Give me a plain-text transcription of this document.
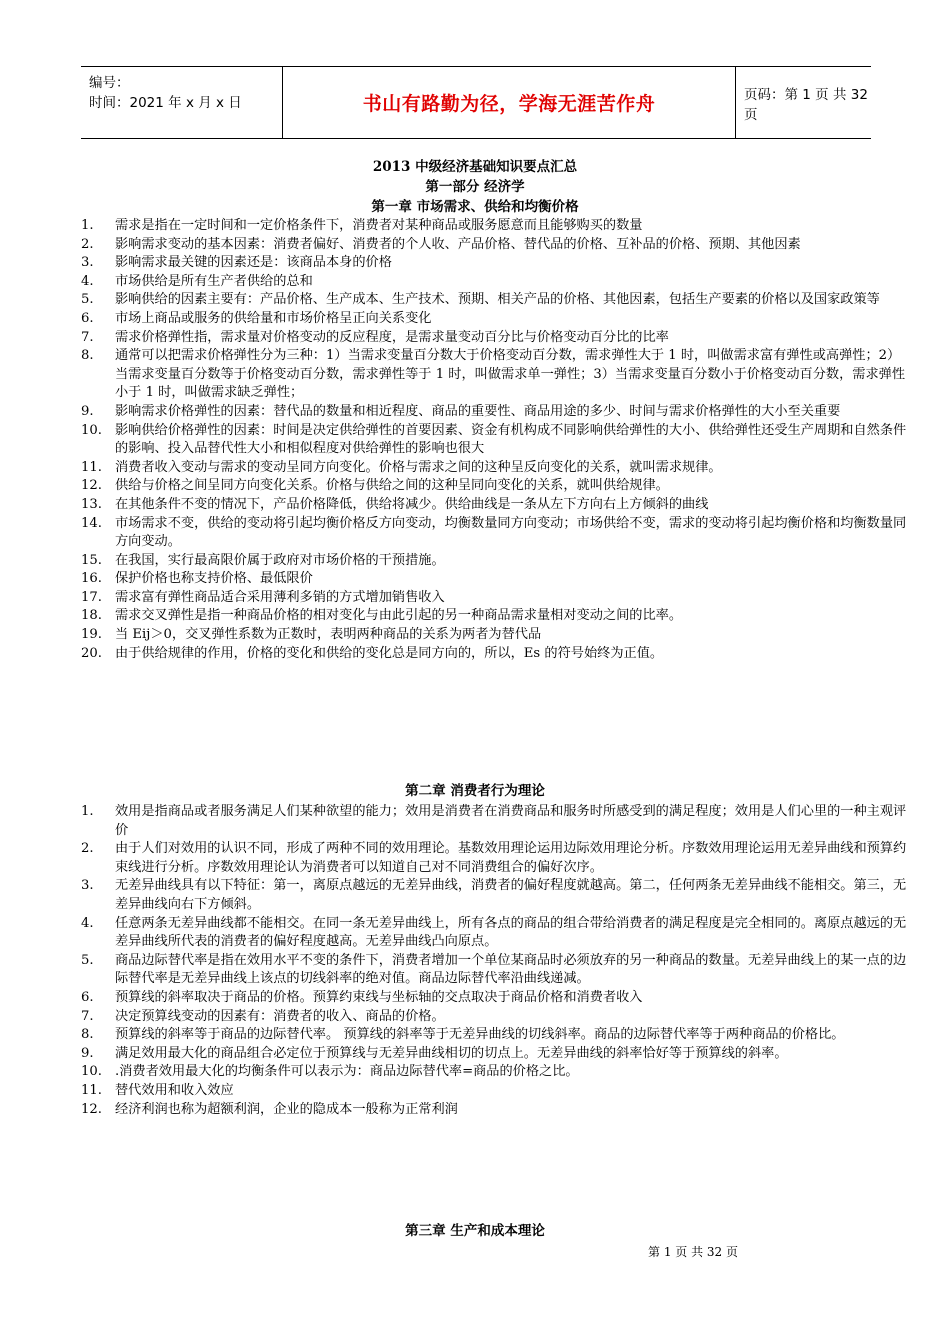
编号：
时间：2021 年 x 月 x 日	书山有路勤为径，学海无涯苦作舟	页码：第 1 页 共 32 页
2013 中级经济基础知识要点汇总
第一部分 经济学
第一章 市场需求、供给和均衡价格
1.	需求是指在一定时间和一定价格条件下，消费者对某种商品或服务愿意而且能够购买的数量
2.	影响需求变动的基本因素：消费者偏好、消费者的个人收、产品价格、替代品的价格、互补品的价格、预期、其他因素
3.	影响需求最关键的因素还是：该商品本身的价格
4.	市场供给是所有生产者供给的总和
5.	影响供给的因素主要有：产品价格、生产成本、生产技术、预期、相关产品的价格、其他因素，包括生产要素的价格以及国家政策等
6.	市场上商品或服务的供给量和市场价格呈正向关系变化
7.	需求价格弹性指，需求量对价格变动的反应程度，是需求量变动百分比与价格变动百分比的比率
8.	通常可以把需求价格弹性分为三种：1）当需求变量百分数大于价格变动百分数，需求弹性大于 1 时，叫做需求富有弹性或高弹性；2）当需求变量百分数等于价格变动百分数，需求弹性等于 1 时，叫做需求单一弹性；3）当需求变量百分数小于价格变动百分数，需求弹性小于 1 时，叫做需求缺乏弹性；
9.	影响需求价格弹性的因素：替代品的数量和相近程度、商品的重要性、商品用途的多少、时间与需求价格弹性的大小至关重要
10. 影响供给价格弹性的因素：时间是决定供给弹性的首要因素、资金有机构成不同影响供给弹性的大小、供给弹性还受生产周期和自然条件的影响、投入品替代性大小和相似程度对供给弹性的影响也很大
11. 消费者收入变动与需求的变动呈同方向变化。价格与需求之间的这种呈反向变化的关系，就叫需求规律。
12. 供给与价格之间呈同方向变化关系。价格与供给之间的这种呈同向变化的关系，就叫供给规律。
13. 在其他条件不变的情况下，产品价格降低，供给将减少。供给曲线是一条从左下方向右上方倾斜的曲线
14. 市场需求不变，供给的变动将引起均衡价格反方向变动，均衡数量同方向变动；市场供给不变，需求的变动将引起均衡价格和均衡数量同方向变动。
15. 在我国，实行最高限价属于政府对市场价格的干预措施。
16. 保护价格也称支持价格、最低限价
17. 需求富有弹性商品适合采用薄利多销的方式增加销售收入
18. 需求交叉弹性是指一种商品价格的相对变化与由此引起的另一种商品需求量相对变动之间的比率。
19. 当 Eij＞0，交叉弹性系数为正数时，表明两种商品的关系为两者为替代品
20. 由于供给规律的作用，价格的变化和供给的变化总是同方向的，所以，Es 的符号始终为正值。
第二章 消费者行为理论
1.	效用是指商品或者服务满足人们某种欲望的能力；效用是消费者在消费商品和服务时所感受到的满足程度；效用是人们心里的一种主观评价
2.	由于人们对效用的认识不同，形成了两种不同的效用理论。基数效用理论运用边际效用理论分析。序数效用理论运用无差异曲线和预算约束线进行分析。序数效用理论认为消费者可以知道自己对不同消费组合的偏好次序。
3.	无差异曲线具有以下特征：第一，离原点越远的无差异曲线，消费者的偏好程度就越高。第二，任何两条无差异曲线不能相交。第三，无差异曲线向右下方倾斜。
4.	任意两条无差异曲线都不能相交。在同一条无差异曲线上，所有各点的商品的组合带给消费者的满足程度是完全相同的。离原点越远的无差异曲线所代表的消费者的偏好程度越高。无差异曲线凸向原点。
5.	商品边际替代率是指在效用水平不变的条件下，消费者增加一个单位某商品时必须放弃的另一种商品的数量。无差异曲线上的某一点的边际替代率是无差异曲线上该点的切线斜率的绝对值。商品边际替代率沿曲线递减。
6.	预算线的斜率取决于商品的价格。预算约束线与坐标轴的交点取决于商品价格和消费者收入
7.	决定预算线变动的因素有：消费者的收入、商品的价格。
8.	预算线的斜率等于商品的边际替代率。 预算线的斜率等于无差异曲线的切线斜率。商品的边际替代率等于两种商品的价格比。
9.	满足效用最大化的商品组合必定位于预算线与无差异曲线相切的切点上。无差异曲线的斜率恰好等于预算线的斜率。
10. .消费者效用最大化的均衡条件可以表示为：商品边际替代率=商品的价格之比。
11. 替代效用和收入效应
12. 经济利润也称为超额利润，企业的隐成本一般称为正常利润
第三章 生产和成本理论
第 1 页 共 32 页
